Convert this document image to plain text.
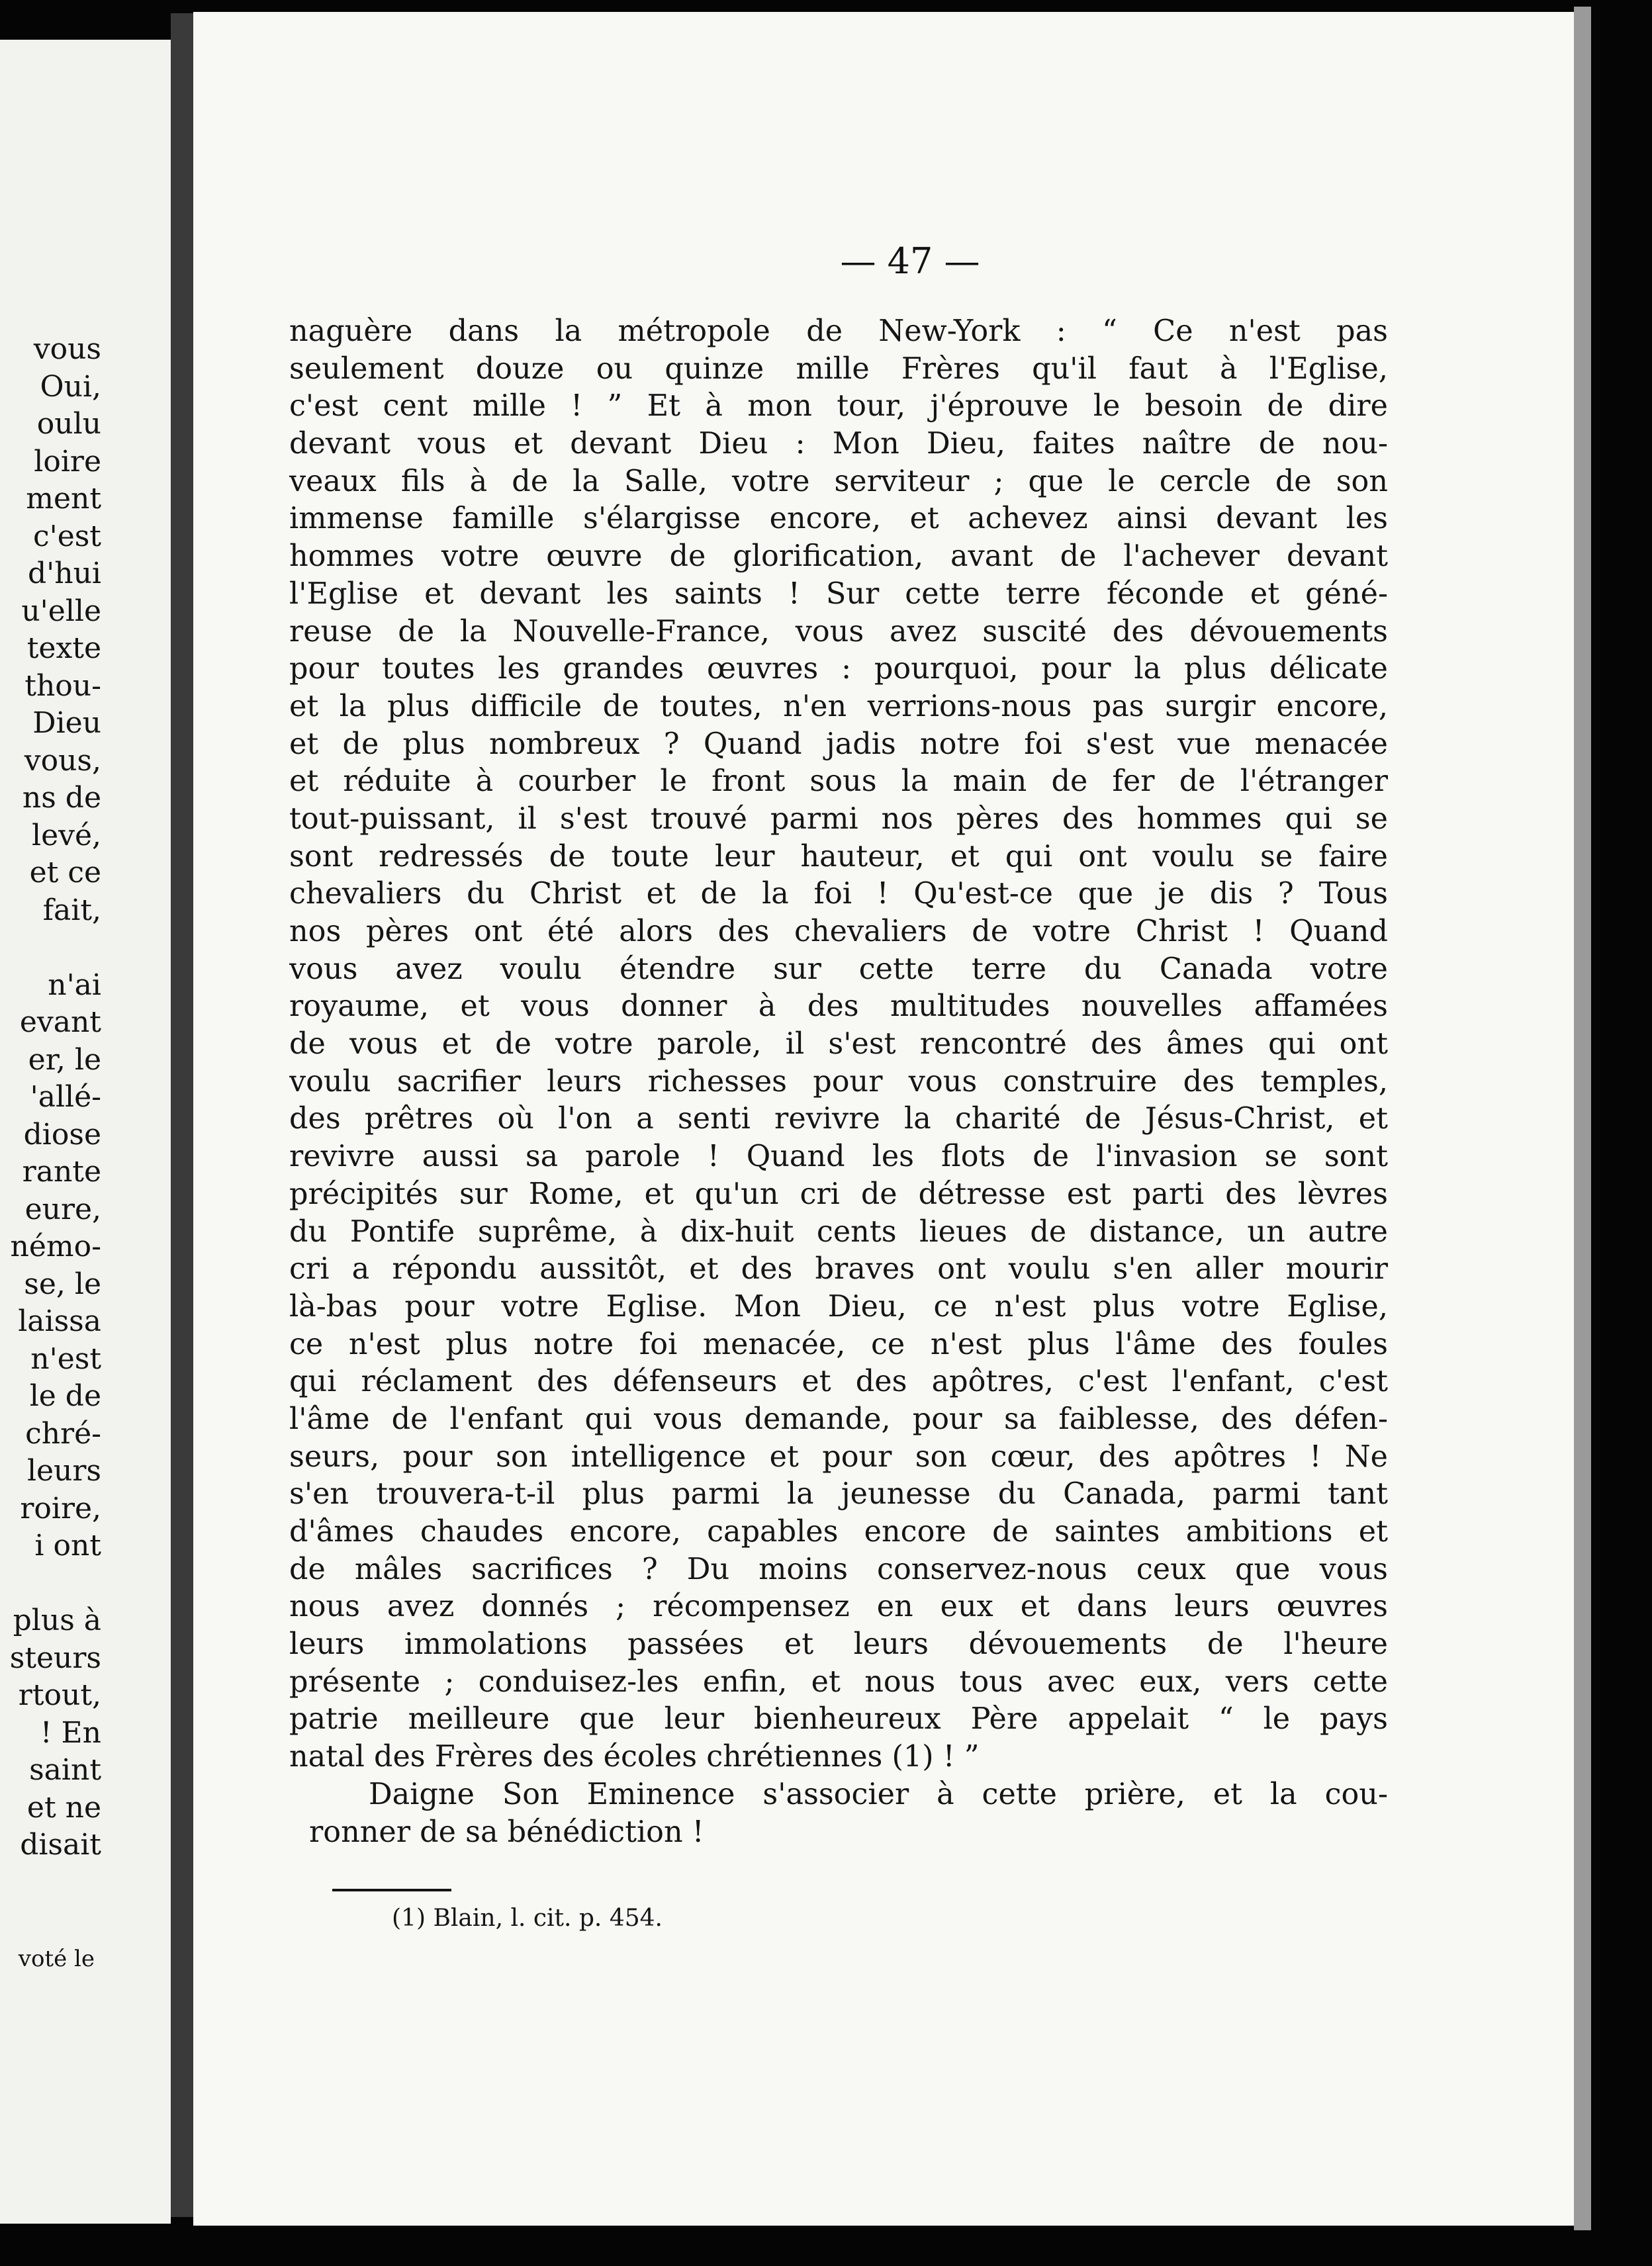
vous
Oui,
oulu
loire
ment
c'est
d'hui
u'elle
texte
thou-
Dieu
vous,
ns de
levé,
et ce
fait,
n'ai
evant
er, le
'allé-
diose
rante
eure,
némo-
se, le
laissa
n'est
le de
chré-
leurs
roire,
i ont
plus à
steurs
rtout,
! En
saint
et ne
disait
voté le
— 47 —
naguère dans la métropole de New-York : “ Ce n'est pas
seulement douze ou quinze mille Frères qu'il faut à l'Eglise,
c'est cent mille ! ” Et à mon tour, j'éprouve le besoin de dire
devant vous et devant Dieu : Mon Dieu, faites naître de nou-
veaux fils à de la Salle, votre serviteur ; que le cercle de son
immense famille s'élargisse encore, et achevez ainsi devant les
hommes votre œuvre de glorification, avant de l'achever devant
l'Eglise et devant les saints ! Sur cette terre féconde et géné-
reuse de la Nouvelle-France, vous avez suscité des dévouements
pour toutes les grandes œuvres : pourquoi, pour la plus délicate
et la plus difficile de toutes, n'en verrions-nous pas surgir encore,
et de plus nombreux ? Quand jadis notre foi s'est vue menacée
et réduite à courber le front sous la main de fer de l'étranger
tout-puissant, il s'est trouvé parmi nos pères des hommes qui se
sont redressés de toute leur hauteur, et qui ont voulu se faire
chevaliers du Christ et de la foi ! Qu'est-ce que je dis ? Tous
nos pères ont été alors des chevaliers de votre Christ ! Quand
vous avez voulu étendre sur cette terre du Canada votre
royaume, et vous donner à des multitudes nouvelles affamées
de vous et de votre parole, il s'est rencontré des âmes qui ont
voulu sacrifier leurs richesses pour vous construire des temples,
des prêtres où l'on a senti revivre la charité de Jésus-Christ, et
revivre aussi sa parole ! Quand les flots de l'invasion se sont
précipités sur Rome, et qu'un cri de détresse est parti des lèvres
du Pontife suprême, à dix-huit cents lieues de distance, un autre
cri a répondu aussitôt, et des braves ont voulu s'en aller mourir
là-bas pour votre Eglise. Mon Dieu, ce n'est plus votre Eglise,
ce n'est plus notre foi menacée, ce n'est plus l'âme des foules
qui réclament des défenseurs et des apôtres, c'est l'enfant, c'est
l'âme de l'enfant qui vous demande, pour sa faiblesse, des défen-
seurs, pour son intelligence et pour son cœur, des apôtres ! Ne
s'en trouvera-t-il plus parmi la jeunesse du Canada, parmi tant
d'âmes chaudes encore, capables encore de saintes ambitions et
de mâles sacrifices ? Du moins conservez-nous ceux que vous
nous avez donnés ; récompensez en eux et dans leurs œuvres
leurs immolations passées et leurs dévouements de l'heure
présente ; conduisez-les enfin, et nous tous avec eux, vers cette
patrie meilleure que leur bienheureux Père appelait “ le pays
natal des Frères des écoles chrétiennes (1) ! ”
Daigne Son Eminence s'associer à cette prière, et la cou-
ronner de sa bénédiction !
(1) Blain, l. cit. p. 454.
